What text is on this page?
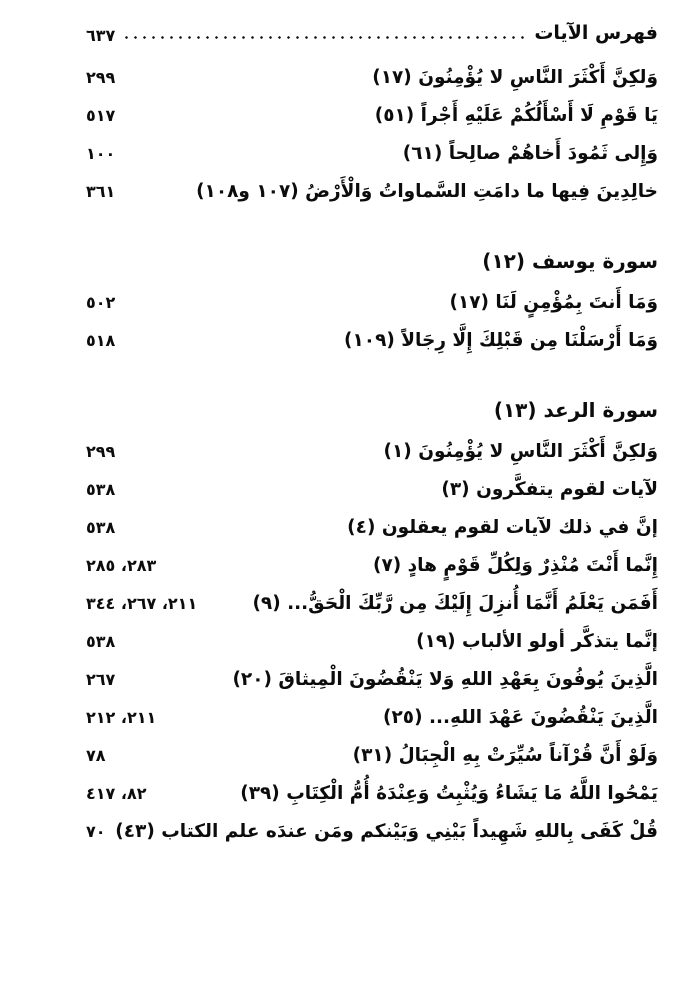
فهرس الآيات
٦٣٧
وَلكِنَّ أَكْثَرَ النَّاسِ لا يُؤْمِنُونَ (١٧)
٢٩٩
يَا قَوْمِ لَا أَسْأَلُكُمْ عَلَيْهِ أَجْراً (٥١)
٥١٧
وَإِلى ثَمُودَ أَخاهُمْ صالِحاً (٦١)
١٠٠
خالِدِينَ فِيها ما دامَتِ السَّماواتُ وَالْأَرْضُ (١٠٧ و١٠٨)
٣٦١
سورة يوسف (١٢)
وَمَا أَنتَ بِمُؤْمِنٍ لَنَا (١٧)
٥٠٢
وَمَا أَرْسَلْنَا مِن قَبْلِكَ إِلَّا رِجَالاً (١٠٩)
٥١٨
سورة الرعد (١٣)
وَلكِنَّ أَكْثَرَ النَّاسِ لا يُؤْمِنُونَ (١)
٢٩٩
لآيات لقوم يتفكَّرون (٣)
٥٣٨
إنَّ في ذلك لآيات لقوم يعقلون (٤)
٥٣٨
إِنَّما أَنْتَ مُنْذِرٌ وَلِكُلِّ قَوْمٍ هادٍ (٧)
٢٨٣، ٢٨٥
أَفَمَن يَعْلَمُ أَنَّمَا أُنزِلَ إِلَيْكَ مِن رَّبِّكَ الْحَقُّ... (٩)
٢١١، ٢٦٧، ٣٤٤
إنَّما يتذكَّر أولو الألباب (١٩)
٥٣٨
الَّذِينَ يُوفُونَ بِعَهْدِ اللهِ وَلا يَنْقُضُونَ الْمِيثاقَ (٢٠)
٢٦٧
الَّذِينَ يَنْقُضُونَ عَهْدَ اللهِ... (٢٥)
٢١١، ٢١٢
وَلَوْ أَنَّ قُرْآناً سُيِّرَتْ بِهِ الْجِبَالُ (٣١)
٧٨
يَمْحُوا اللَّهُ مَا يَشَاءُ وَيُثْبِتُ وَعِنْدَهُ أُمُّ الْكِتَابِ (٣٩)
٨٢، ٤١٧
قُلْ كَفَى بِاللهِ شَهِيداً بَيْنِي وَبَيْنكم ومَن عندَه علم الكتاب (٤٣)
٧٠
